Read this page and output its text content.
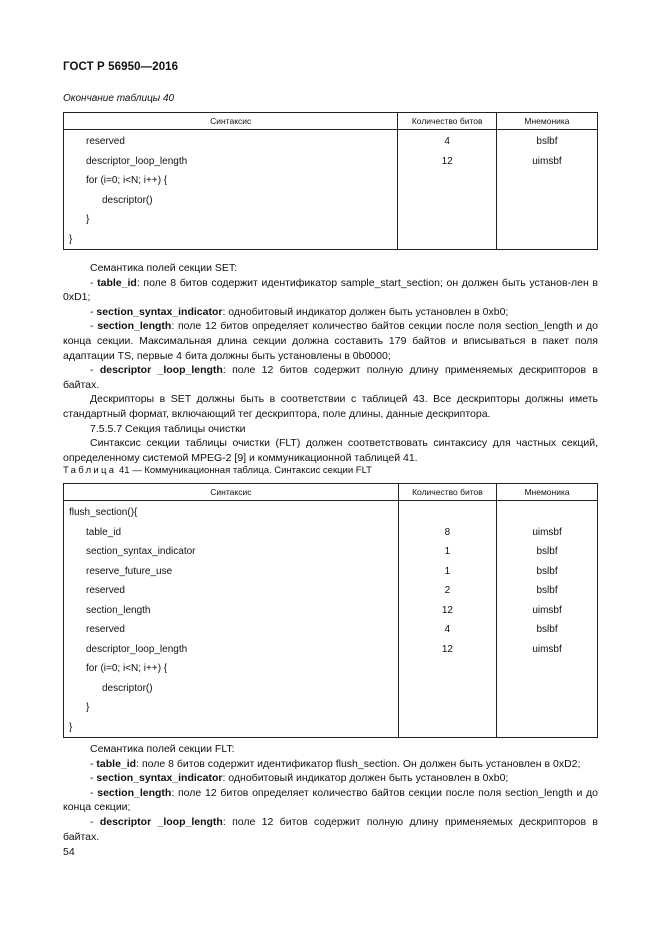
ГОСТ Р 56950—2016
Окончание таблицы 40
Синтаксис	Количество битов	Мнемоника
reserved	4	bslbf
descriptor_loop_length	12	uimsbf
for (i=0; i<N; i++) {		
descriptor()		
}		
}		

Семантика полей секции SET:

- table_id: поле 8 битов содержит идентификатор sample_start_section; он должен быть установ-лен в 0xD1;

- section_syntax_indicator: однобитовый индикатор должен быть установлен в 0xb0;

- section_length: поле 12 битов определяет количество байтов секции после поля section_length и до конца секции. Максимальная длина секции должна составить 179 байтов и вписываться в пакет поля адаптации TS, первые 4 бита должны быть установлены в 0b0000;

- descriptor _loop_length: поле 12 битов содержит полную длину применяемых дескрипторов в байтах.

Дескрипторы в SET должны быть в соответствии с таблицей 43. Все дескрипторы должны иметь стандартный формат, включающий тег дескриптора, поле длины, данные дескриптора.

7.5.5.7 Секция таблицы очистки

Синтаксис секции таблицы очистки (FLT) должен соответствовать синтаксису для частных секций, определенному системой MPEG-2 [9] и коммуникационной таблицей 41.

Таблица 41 — Коммуникационная таблица. Синтаксис секции FLT
Синтаксис	Количество битов	Мнемоника
flush_section(){		
table_id	8	uimsbf
section_syntax_indicator	1	bslbf
reserve_future_use	1	bslbf
reserved	2	bslbf
section_length	12	uimsbf
reserved	4	bslbf
descriptor_loop_length	12	uimsbf
for (i=0; i<N; i++) {		
descriptor()		
}		
}		

Семантика полей секции FLT:

- table_id: поле 8 битов содержит идентификатор flush_section. Он должен быть установлен в 0xD2;

- section_syntax_indicator: однобитовый индикатор должен быть установлен в 0xb0;

- section_length: поле 12 битов определяет количество байтов секции после поля section_length и до конца секции;

- descriptor _loop_length: поле 12 битов содержит полную длину применяемых дескрипторов в байтах.

54
